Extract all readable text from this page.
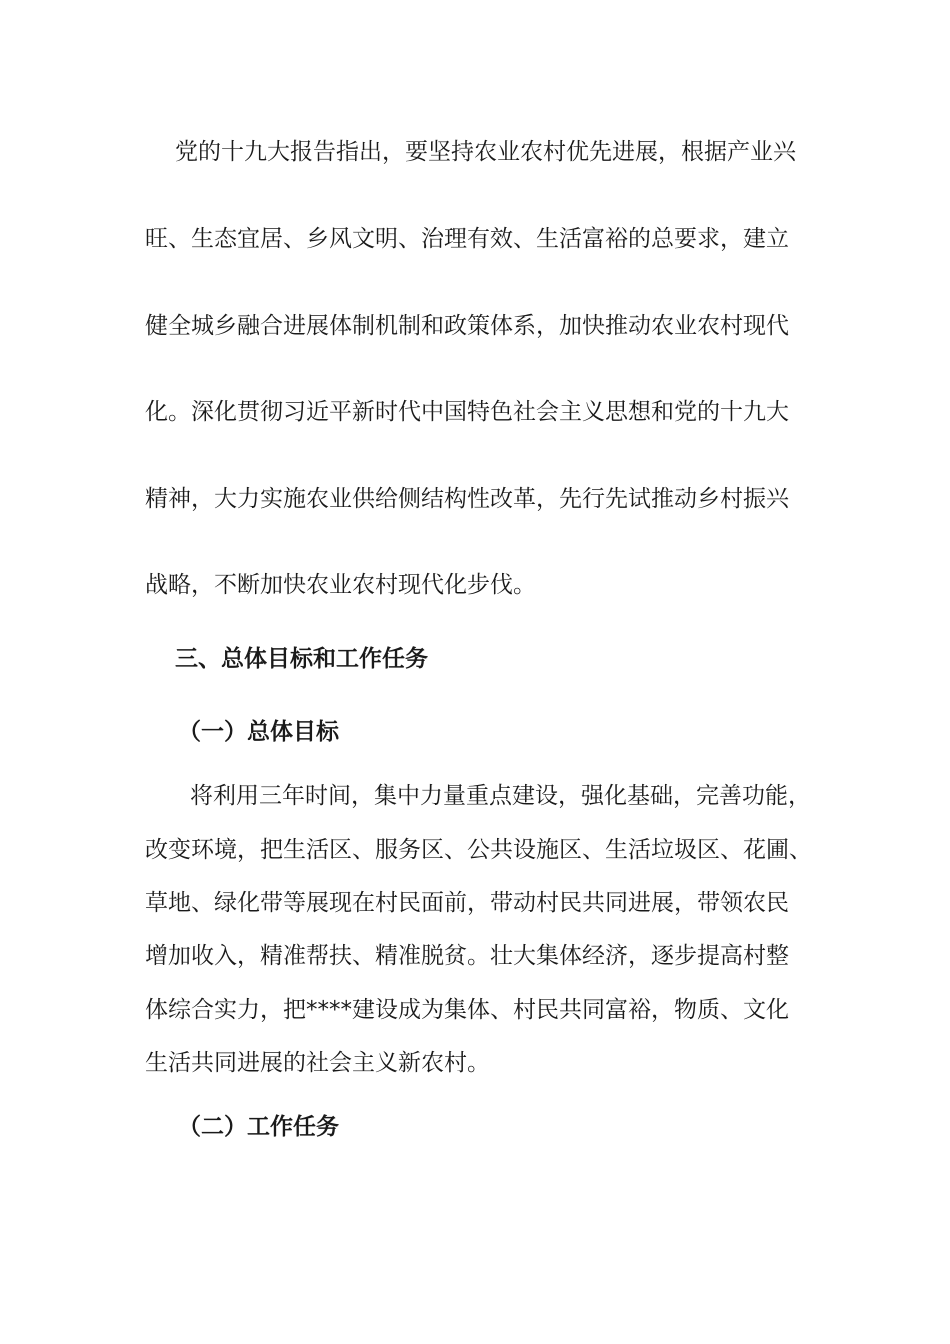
党的十九大报告指出，要坚持农业农村优先进展，根据产业兴
旺、生态宜居、乡风文明、治理有效、生活富裕的总要求，建立
健全城乡融合进展体制机制和政策体系，加快推动农业农村现代
化。深化贯彻习近平新时代中国特色社会主义思想和党的十九大
精神，大力实施农业供给侧结构性改革，先行先试推动乡村振兴
战略，不断加快农业农村现代化步伐。
三、总体目标和工作任务
（一）总体目标
将利用三年时间，集中力量重点建设，强化基础，完善功能，
改变环境，把生活区、服务区、公共设施区、生活垃圾区、花圃、
草地、绿化带等展现在村民面前，带动村民共同进展，带领农民
增加收入，精准帮扶、精准脱贫。壮大集体经济，逐步提高村整
体综合实力，把****建设成为集体、村民共同富裕，物质、文化
生活共同进展的社会主义新农村。
（二）工作任务
